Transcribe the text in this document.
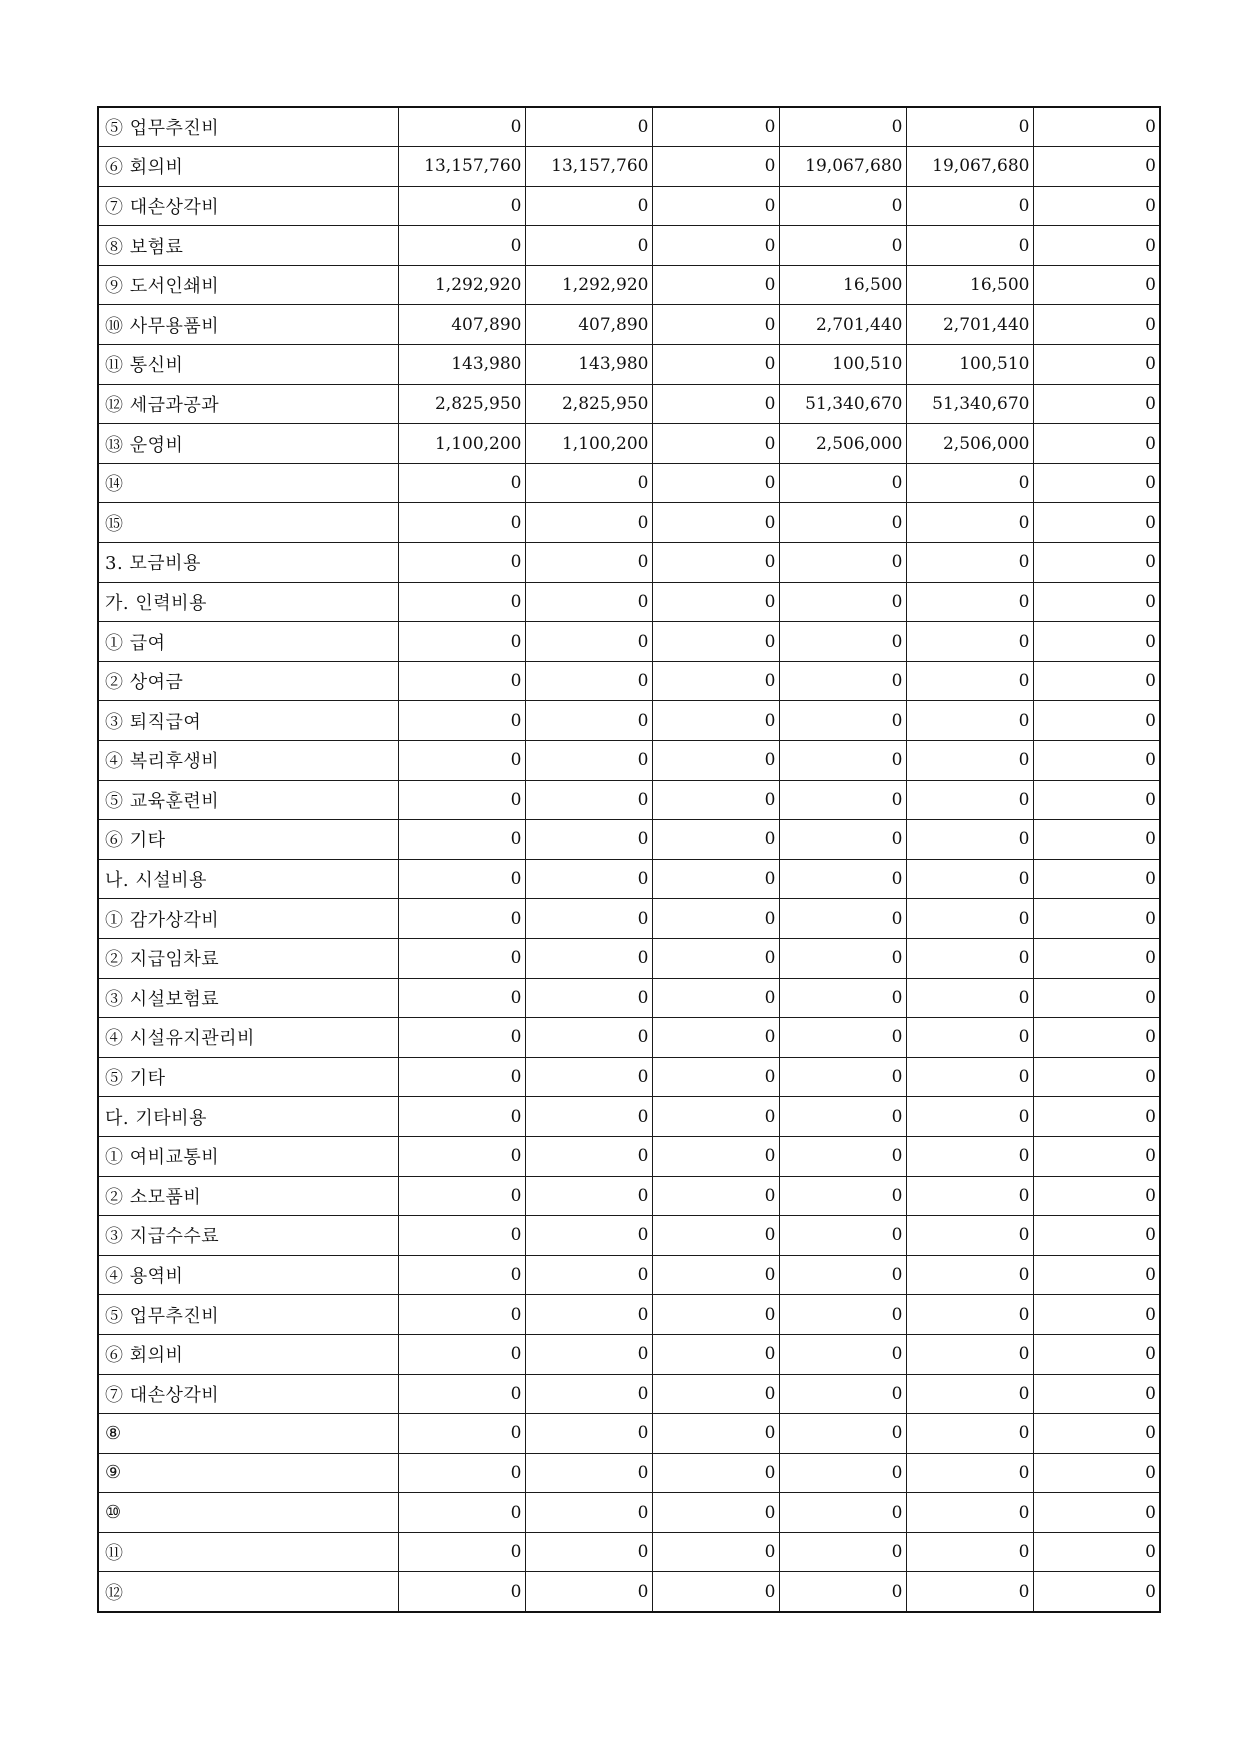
⑤ 업무추진비	0	0	0	0	0	0
⑥ 회의비	13,157,760	13,157,760	0	19,067,680	19,067,680	0
⑦ 대손상각비	0	0	0	0	0	0
⑧ 보험료	0	0	0	0	0	0
⑨ 도서인쇄비	1,292,920	1,292,920	0	16,500	16,500	0
⑩ 사무용품비	407,890	407,890	0	2,701,440	2,701,440	0
⑪ 통신비	143,980	143,980	0	100,510	100,510	0
⑫ 세금과공과	2,825,950	2,825,950	0	51,340,670	51,340,670	0
⑬ 운영비	1,100,200	1,100,200	0	2,506,000	2,506,000	0
⑭	0	0	0	0	0	0
⑮	0	0	0	0	0	0
3. 모금비용	0	0	0	0	0	0
가. 인력비용	0	0	0	0	0	0
① 급여	0	0	0	0	0	0
② 상여금	0	0	0	0	0	0
③ 퇴직급여	0	0	0	0	0	0
④ 복리후생비	0	0	0	0	0	0
⑤ 교육훈련비	0	0	0	0	0	0
⑥ 기타	0	0	0	0	0	0
나. 시설비용	0	0	0	0	0	0
① 감가상각비	0	0	0	0	0	0
② 지급임차료	0	0	0	0	0	0
③ 시설보험료	0	0	0	0	0	0
④ 시설유지관리비	0	0	0	0	0	0
⑤ 기타	0	0	0	0	0	0
다. 기타비용	0	0	0	0	0	0
① 여비교통비	0	0	0	0	0	0
② 소모품비	0	0	0	0	0	0
③ 지급수수료	0	0	0	0	0	0
④ 용역비	0	0	0	0	0	0
⑤ 업무추진비	0	0	0	0	0	0
⑥ 회의비	0	0	0	0	0	0
⑦ 대손상각비	0	0	0	0	0	0
⑧	0	0	0	0	0	0
⑨	0	0	0	0	0	0
⑩	0	0	0	0	0	0
⑪	0	0	0	0	0	0
⑫	0	0	0	0	0	0
